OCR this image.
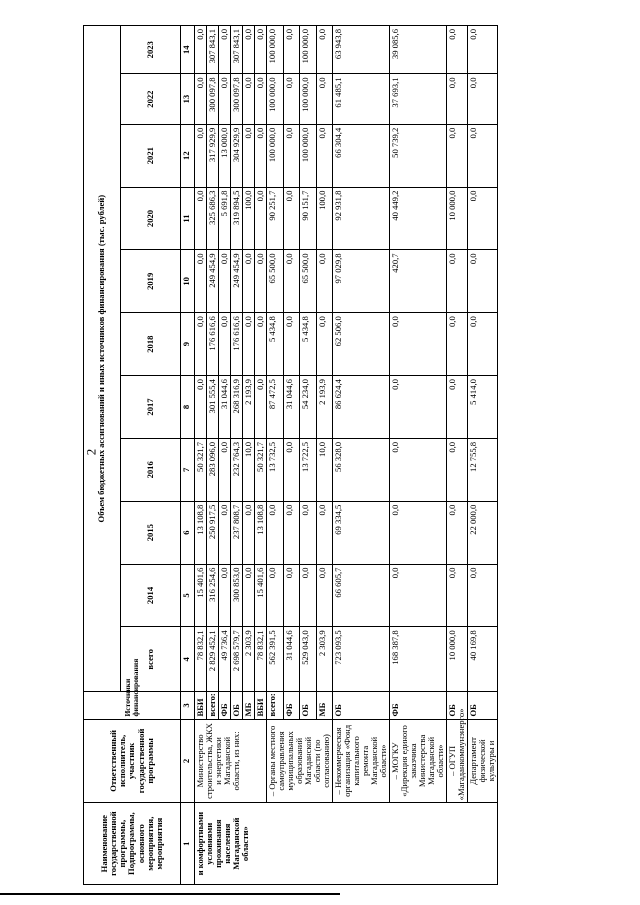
2
Наименование государственной программы, Подпрограммы, основного мероприятия, мероприятия	Ответственный исполнитель, участник государственной программы	Источники финансирования	Объем бюджетных ассигнований и иных источников финансирования (тыс. рублей)										
			всего	2014	2015	2016	2017	2018	2019	2020	2021	2022	2023
1	2	3	4	5	6	7	8	9	10	11	12	13	14
и комфортными условиями проживания населения Магаданской области»	Министерство строительства, ЖКХ и энергетики Магаданской области, из них:	ВБИ	78 832,1	15 401,6	13 108,8	50 321,7	0,0	0,0	0,0	0,0	0,0	0,0	0,0
		всего:	2 829 452,1	316 254,6	250 917,5	283 096,0	301 555,4	176 616,6	249 454,9	325 686,3	317 929,9	300 097,8	307 843,1
		ФБ	49 736,4	0,0	0,0	0,0	31 044,6	0,0	0,0	5 691,8	13 000,0	0,0	0,0
		ОБ	2 698 579,7	300 853,0	237 808,7	232 764,3	268 316,9	176 616,6	249 454,9	319 894,5	304 929,9	300 097,8	307 843,1
		МБ	2 303,9	0,0	0,0	10,0	2 193,9	0,0	0,0	100,0	0,0	0,0	0,0
		ВБИ	78 832,1	15 401,6	13 108,8	50 321,7	0,0	0,0	0,0	0,0	0,0	0,0	0,0
	– Органы местного самоуправления муниципальных образований Магаданской области (по согласованию)	всего:	562 391,5	0,0	0,0	13 732,5	87 472,5	5 434,8	65 500,0	90 251,7	100 000,0	100 000,0	100 000,0
		ФБ	31 044,6	0,0	0,0	0,0	31 044,6	0,0	0,0	0,0	0,0	0,0	0,0
		ОБ	529 043,0	0,0	0,0	13 722,5	54 234,0	5 434,8	65 500,0	90 151,7	100 000,0	100 000,0	100 000,0
		МБ	2 303,9	0,0	0,0	10,0	2 193,9	0,0	0,0	100,0	0,0	0,0	0,0
	– Некоммерческая организация «Фонд капитального ремонта Магаданской области»	ОБ	723 093,5	66 605,7	69 334,5	56 328,0	86 624,4	62 506,0	97 029,8	92 931,8	66 304,4	61 485,1	63 943,8
	– МОГКУ «Дирекция единого заказчика Министерства Магаданской области»	ФБ	168 387,8	0,0	0,0	0,0	0,0	0,0	420,7	40 449,2	50 739,2	37 693,1	39 085,6
	– ОГУП «Магаданкоммунэнерго»	ОБ	10 000,0	0,0	0,0	0,0	0,0	0,0	0,0	10 000,0	0,0	0,0	0,0
	Департамент физической культуры и	ОБ	40 169,8	0,0	22 000,0	12 755,8	5 414,0	0,0	0,0	0,0	0,0	0,0	0,0
